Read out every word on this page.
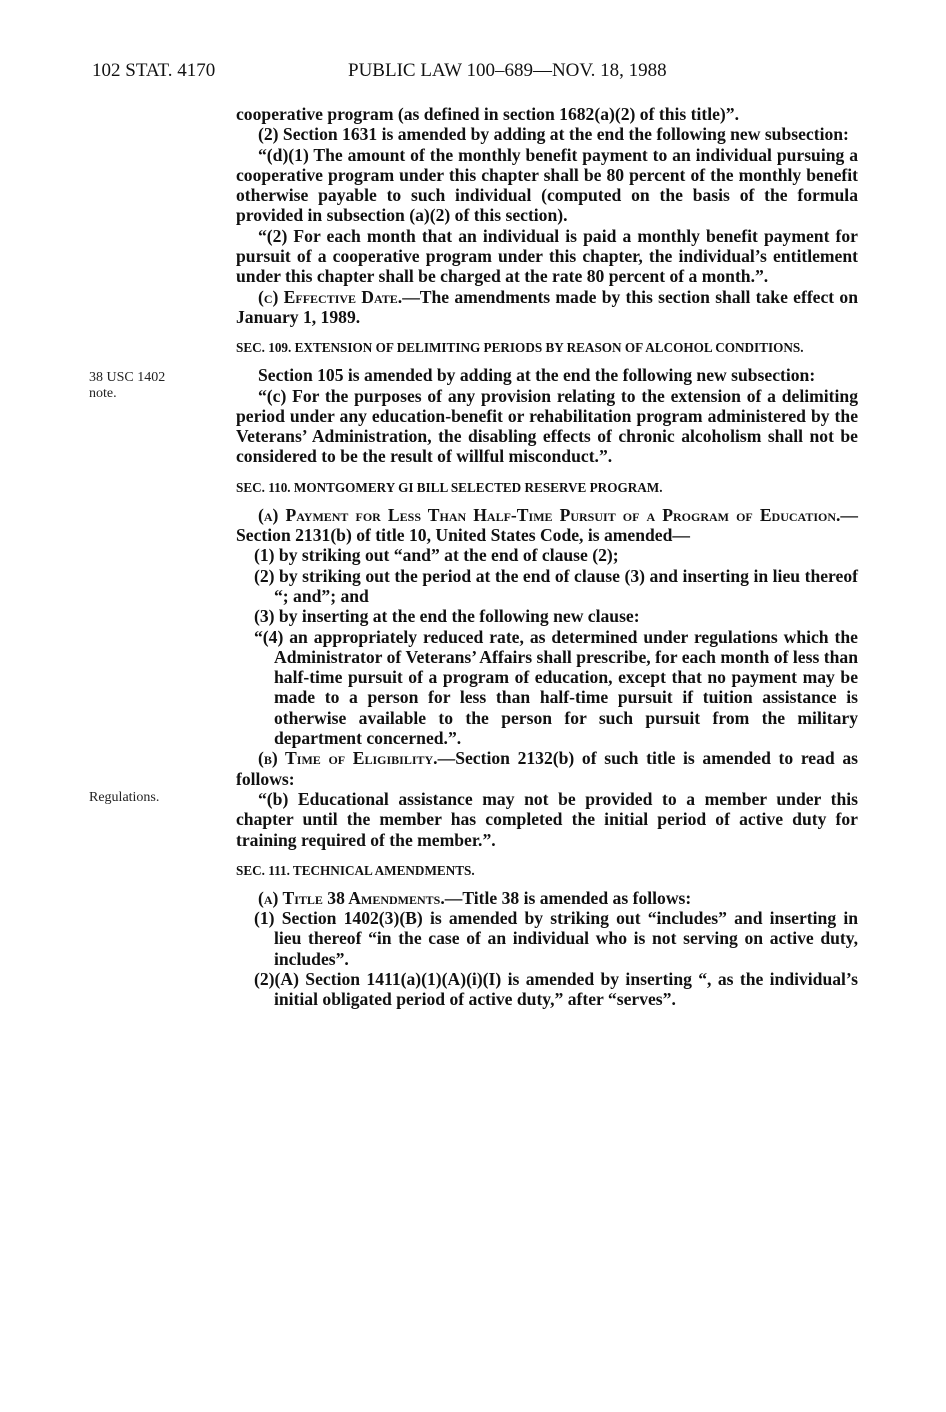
102 STAT. 4170	PUBLIC LAW 100–689—NOV. 18, 1988
38 USC 1402
note.
Regulations.

cooperative program (as defined in section 1682(a)(2) of this title)”.

(2) Section 1631 is amended by adding at the end the following new subsection:

“(d)(1) The amount of the monthly benefit payment to an individual pursuing a cooperative program under this chapter shall be 80 percent of the monthly benefit otherwise payable to such individual (computed on the basis of the formula provided in subsection (a)(2) of this section).

“(2) For each month that an individual is paid a monthly benefit payment for pursuit of a cooperative program under this chapter, the individual’s entitlement under this chapter shall be charged at the rate 80 percent of a month.”.

(c) Effective Date.—The amendments made by this section shall take effect on January 1, 1989.

SEC. 109. EXTENSION OF DELIMITING PERIODS BY REASON OF ALCOHOL CONDITIONS.

Section 105 is amended by adding at the end the following new subsection:

“(c) For the purposes of any provision relating to the extension of a delimiting period under any education-benefit or rehabilitation program administered by the Veterans’ Administration, the disabling effects of chronic alcoholism shall not be considered to be the result of willful misconduct.”.

SEC. 110. MONTGOMERY GI BILL SELECTED RESERVE PROGRAM.

(a) Payment for Less Than Half-Time Pursuit of a Program of Education.—Section 2131(b) of title 10, United States Code, is amended—

(1) by striking out “and” at the end of clause (2);

(2) by striking out the period at the end of clause (3) and inserting in lieu thereof “; and”; and

(3) by inserting at the end the following new clause:

“(4) an appropriately reduced rate, as determined under regulations which the Administrator of Veterans’ Affairs shall prescribe, for each month of less than half-time pursuit of a program of education, except that no payment may be made to a person for less than half-time pursuit if tuition assistance is otherwise available to the person for such pursuit from the military department concerned.”.

(b) Time of Eligibility.—Section 2132(b) of such title is amended to read as follows:

“(b) Educational assistance may not be provided to a member under this chapter until the member has completed the initial period of active duty for training required of the member.”.

SEC. 111. TECHNICAL AMENDMENTS.

(a) Title 38 Amendments.—Title 38 is amended as follows:

(1) Section 1402(3)(B) is amended by striking out “includes” and inserting in lieu thereof “in the case of an individual who is not serving on active duty, includes”.

(2)(A) Section 1411(a)(1)(A)(i)(I) is amended by inserting “, as the individual’s initial obligated period of active duty,” after “serves”.
